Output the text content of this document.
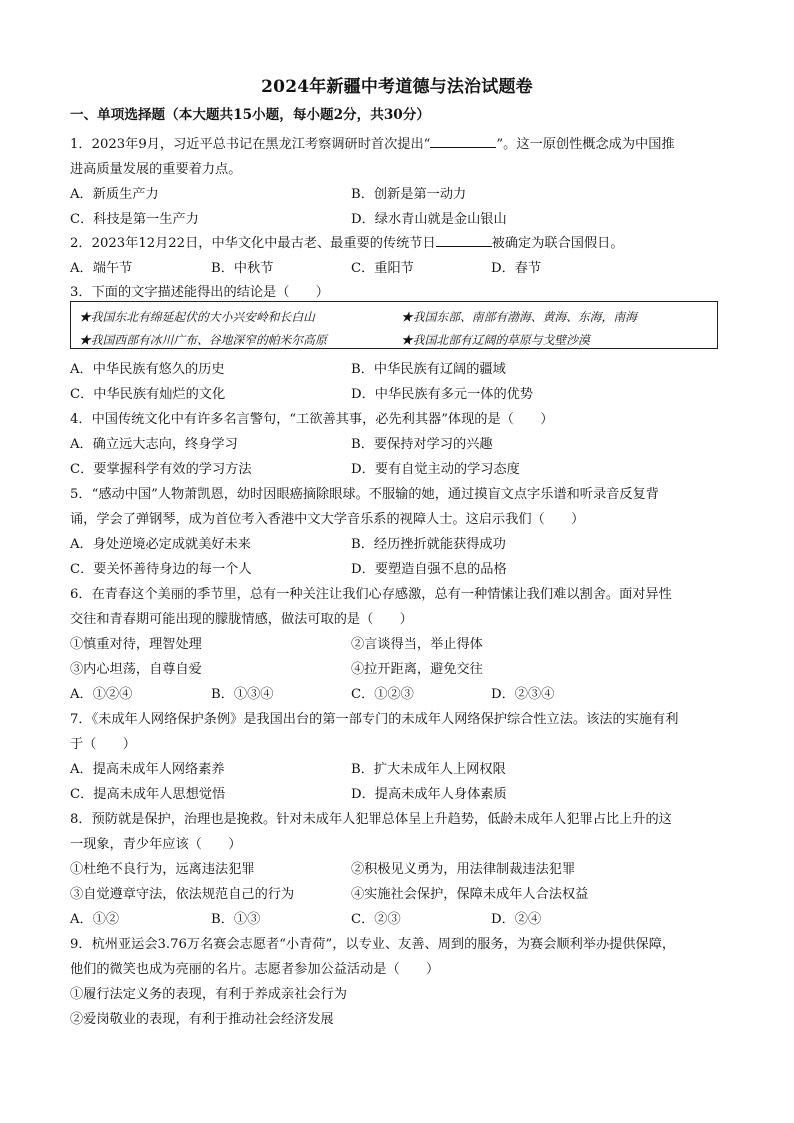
2024年新疆中考道德与法治试题卷
一、单项选择题（本大题共15小题，每小题2分，共30分）
1．2023年9月，习近平总书记在黑龙江考察调研时首次提出“	”。这一原创性概念成为中国推
进高质量发展的重要着力点。
A．新质生产力	B．创新是第一动力
C．科技是第一生产力	D．绿水青山就是金山银山
2．2023年12月22日，中华文化中最古老、最重要的传统节日	被确定为联合国假日。
A．端午节	B．中秋节	C．重阳节	D．春节
3．下面的文字描述能得出的结论是（　　）
★我国东北有绵延起伏的大小兴安岭和长白山	★我国东部、南部有渤海、黄海、东海，南海
★我国西部有冰川广布、谷地深窄的帕米尔高原	★我国北部有辽阔的草原与戈壁沙漠
A．中华民族有悠久的历史	B．中华民族有辽阔的疆域
C．中华民族有灿烂的文化	D．中华民族有多元一体的优势
4．中国传统文化中有许多名言警句，“工欲善其事，必先利其器”体现的是（　　）
A．确立远大志向，终身学习	B．要保持对学习的兴趣
C．要掌握科学有效的学习方法	D．要有自觉主动的学习态度
5．“感动中国”人物萧凯恩，幼时因眼癌摘除眼球。不服输的她，通过摸盲文点字乐谱和听录音反复背
诵，学会了弹钢琴，成为首位考入香港中文大学音乐系的视障人士。这启示我们（　　）
A．身处逆境必定成就美好未来	B．经历挫折就能获得成功
C．要关怀善待身边的每一个人	D．要塑造自强不息的品格
6．在青春这个美丽的季节里，总有一种关注让我们心存感激，总有一种情愫让我们难以割舍。面对异性
交往和青春期可能出现的朦胧情感，做法可取的是（　　）
①慎重对待，理智处理	②言谈得当，举止得体
③内心坦荡，自尊自爱	④拉开距离，避免交往
A．①②④	B．①③④	C．①②③	D．②③④
7．《未成年人网络保护条例》是我国出台的第一部专门的未成年人网络保护综合性立法。该法的实施有利
于（　　）
A．提高未成年人网络素养	B．扩大未成年人上网权限
C．提高未成年人思想觉悟	D．提高未成年人身体素质
8．预防就是保护，治理也是挽救。针对未成年人犯罪总体呈上升趋势，低龄未成年人犯罪占比上升的这
一现象，青少年应该（　　）
①杜绝不良行为，远离违法犯罪	②积极见义勇为，用法律制裁违法犯罪
③自觉遵章守法，依法规范自己的行为	④实施社会保护，保障未成年人合法权益
A．①②	B．①③	C．②③	D．②④
9．杭州亚运会3.76万名赛会志愿者“小青荷”，以专业、友善、周到的服务，为赛会顺利举办提供保障，
他们的微笑也成为亮丽的名片。志愿者参加公益活动是（　　）
①履行法定义务的表现，有利于养成亲社会行为
②爱岗敬业的表现，有利于推动社会经济发展
